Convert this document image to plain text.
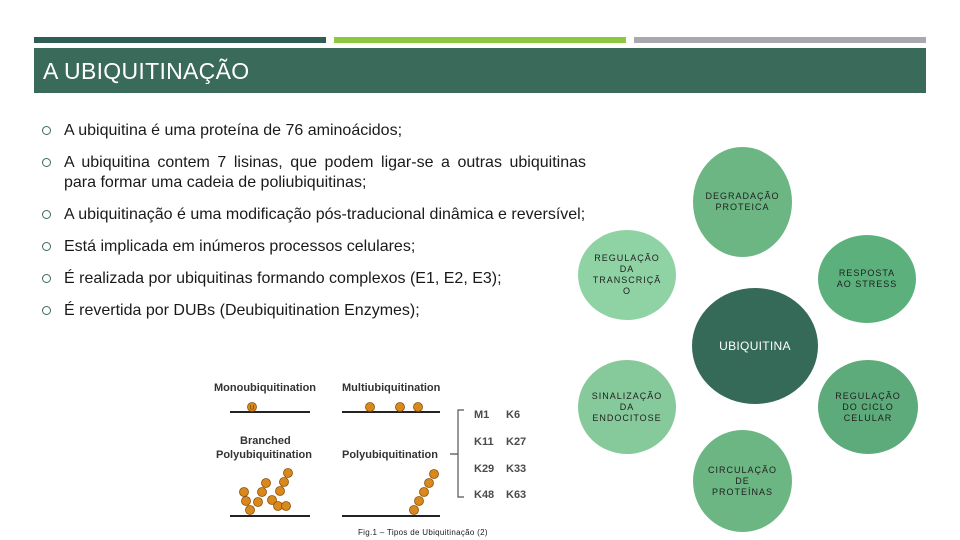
A UBIQUITINAÇÃO
A ubiquitina é uma proteína de 76 aminoácidos;
A ubiquitina contem 7 lisinas, que podem ligar-se a outras ubiquitinas para formar uma cadeia de poliubiquitinas;
A ubiquitinação é uma modificação pós-traducional dinâmica e reversível;
Está implicada em inúmeros processos celulares;
É realizada por ubiquitinas formando complexos (E1, E2, E3);
É revertida por DUBs (Deubiquitination Enzymes);
DEGRADAÇÃO
PROTEICA
REGULAÇÃO
DA
TRANSCRIÇÃ
O
RESPOSTA
AO STRESS
SINALIZAÇÃO
DA
ENDOCITOSE
REGULAÇÃO
DO CICLO
CELULAR
CIRCULAÇÃO
DE
PROTEÍNAS
UBIQUITINA
Monoubiquitination
U
Multiubiquitination
Branched
Polyubiquitination	Polyubiquitination
M1 K6
K11 K27
K29 K33
K48 K63
Fig.1 – Tipos de Ubiquitinação (2)
